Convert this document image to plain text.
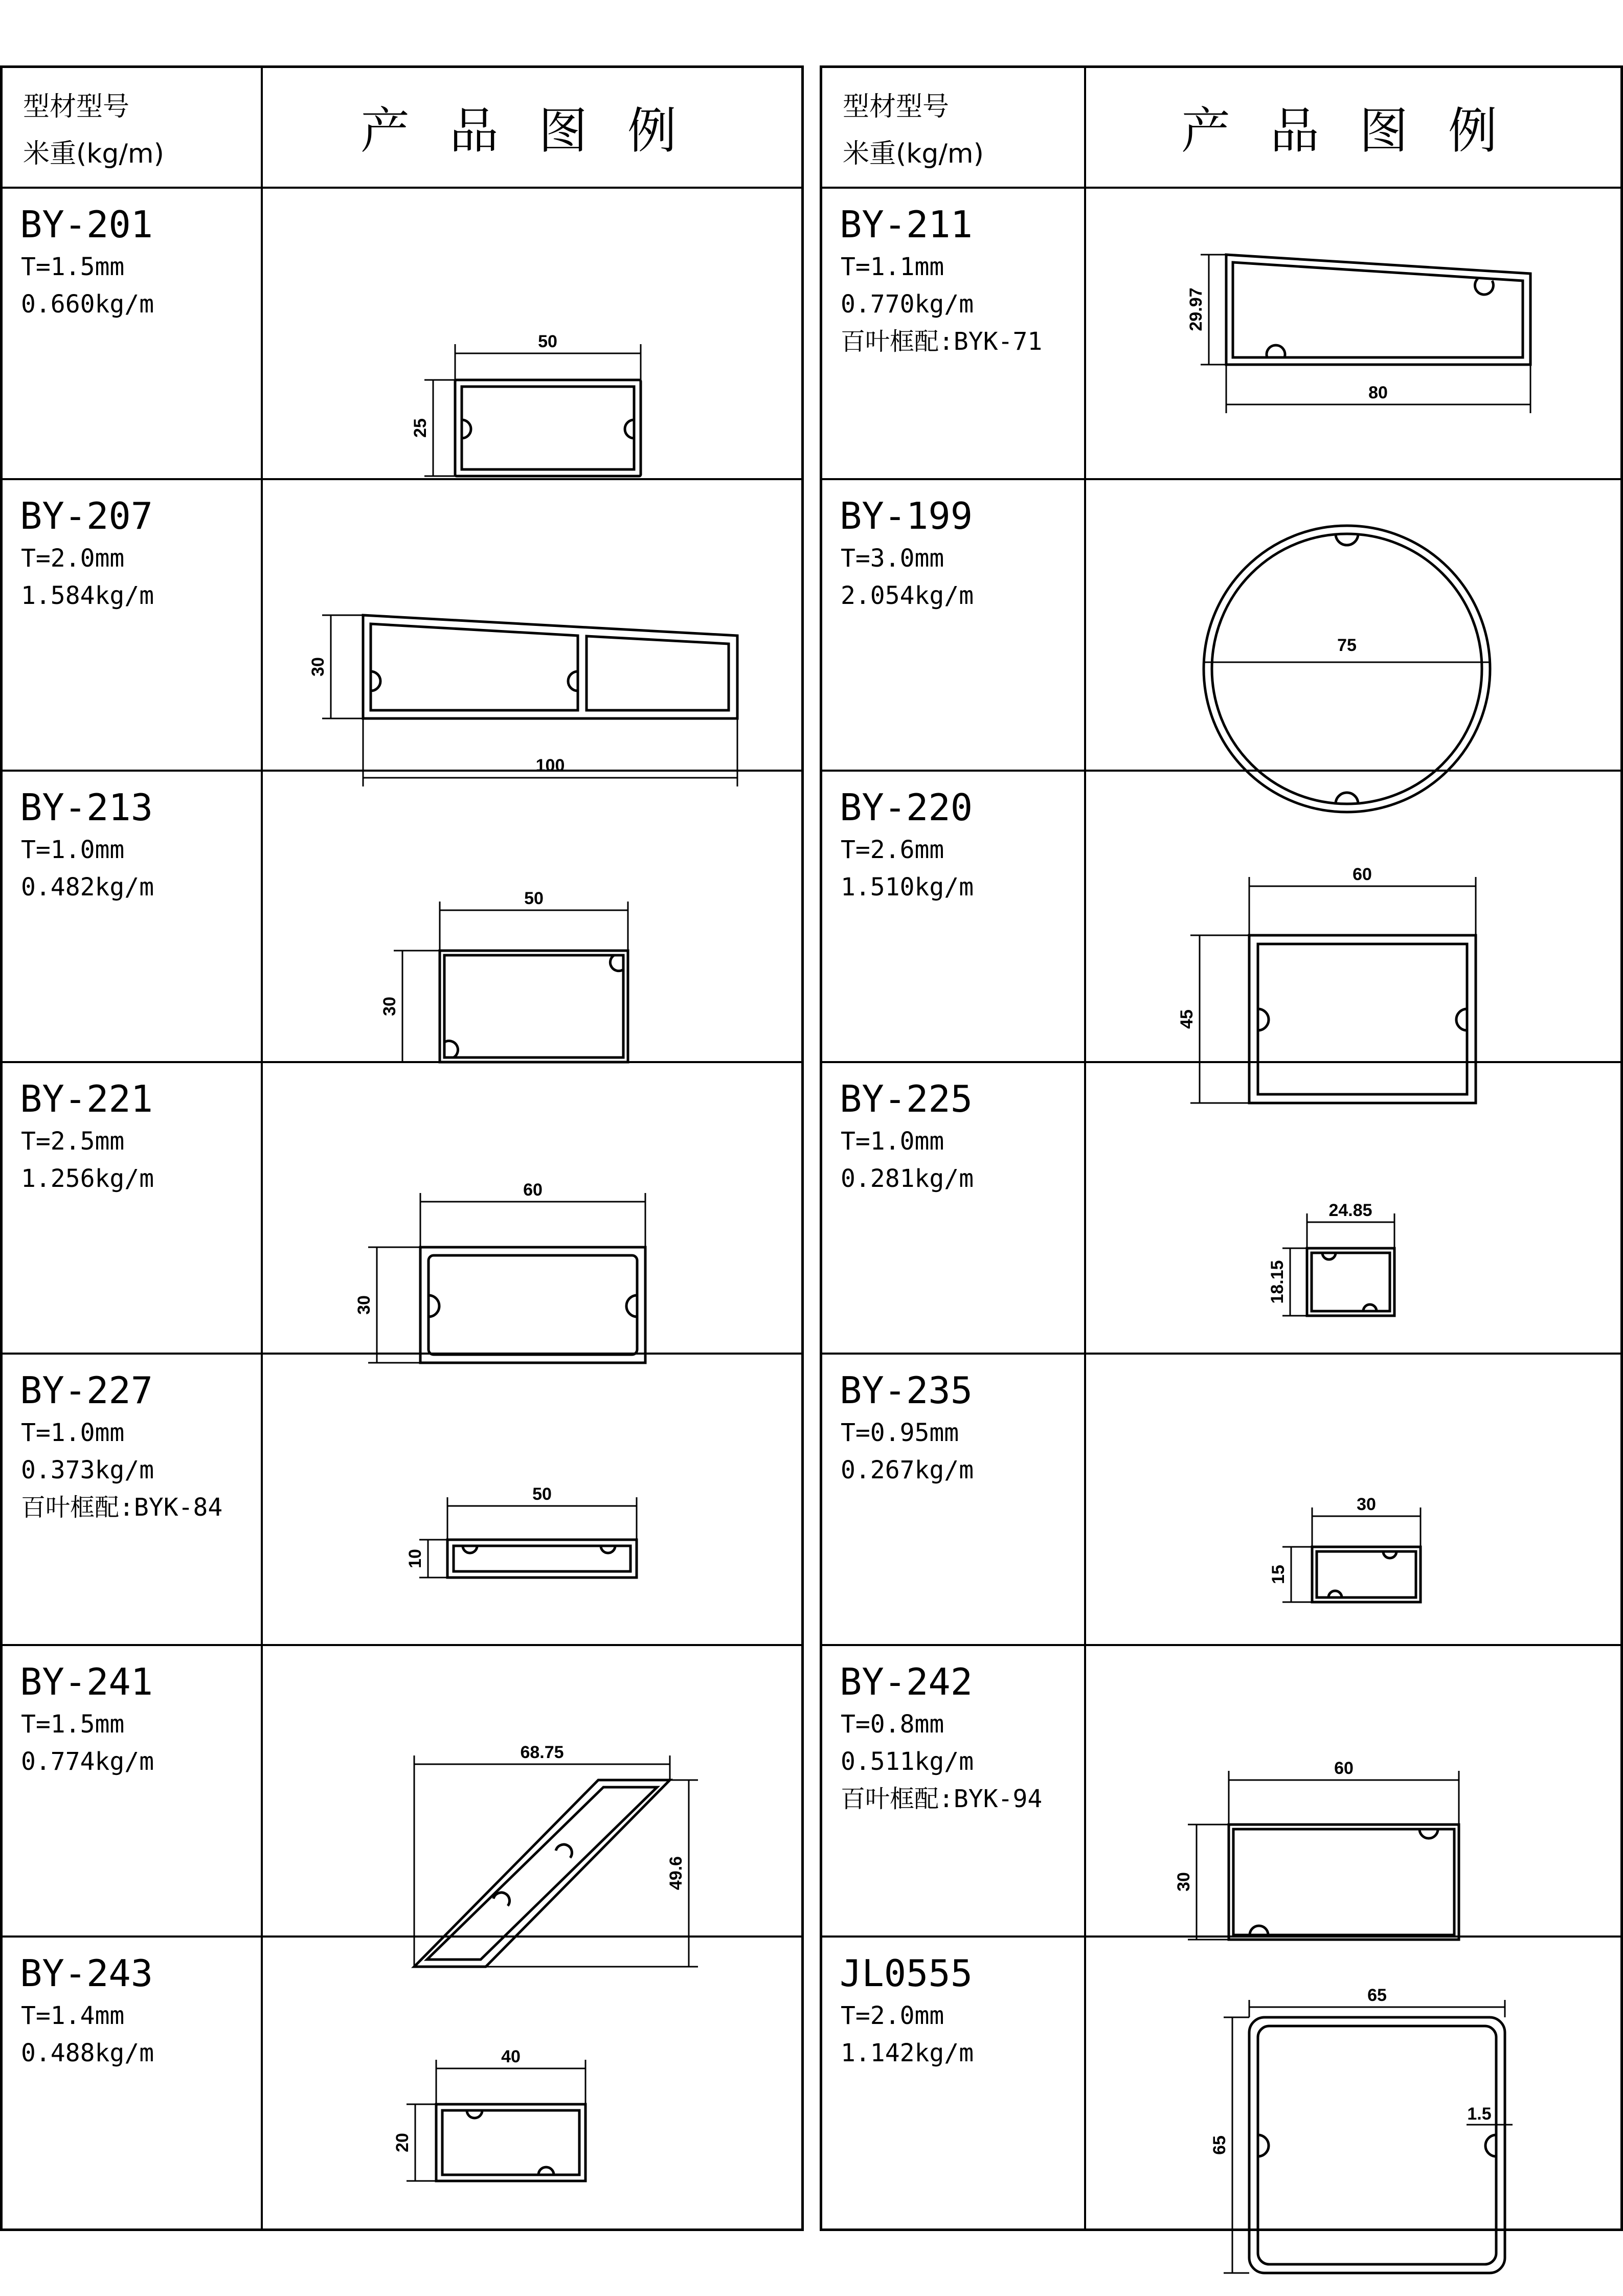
型材型号
米重(kg/m)	产品图例
BY-201
T=1.5mm
0.660kg/m
BY-207
T=2.0mm
1.584kg/m
BY-213
T=1.0mm
0.482kg/m
BY-221
T=2.5mm
1.256kg/m
BY-227
T=1.0mm
0.373kg/m
百叶框配:BYK-84
BY-241
T=1.5mm
0.774kg/m
BY-243
T=1.4mm
0.488kg/m
50
25
30
100
50
30
60
30
50
10
68.75
49.6
40
20
型材型号
米重(kg/m)	产品图例
BY-211
T=1.1mm
0.770kg/m
百叶框配:BYK-71
BY-199
T=3.0mm
2.054kg/m
BY-220
T=2.6mm
1.510kg/m
BY-225
T=1.0mm
0.281kg/m
BY-235
T=0.95mm
0.267kg/m
BY-242
T=0.8mm
0.511kg/m
百叶框配:BYK-94
JL0555
T=2.0mm
1.142kg/m
29.97
80
75
60
45
24.85
18.15
30
15
60
30
65
65
1.5
